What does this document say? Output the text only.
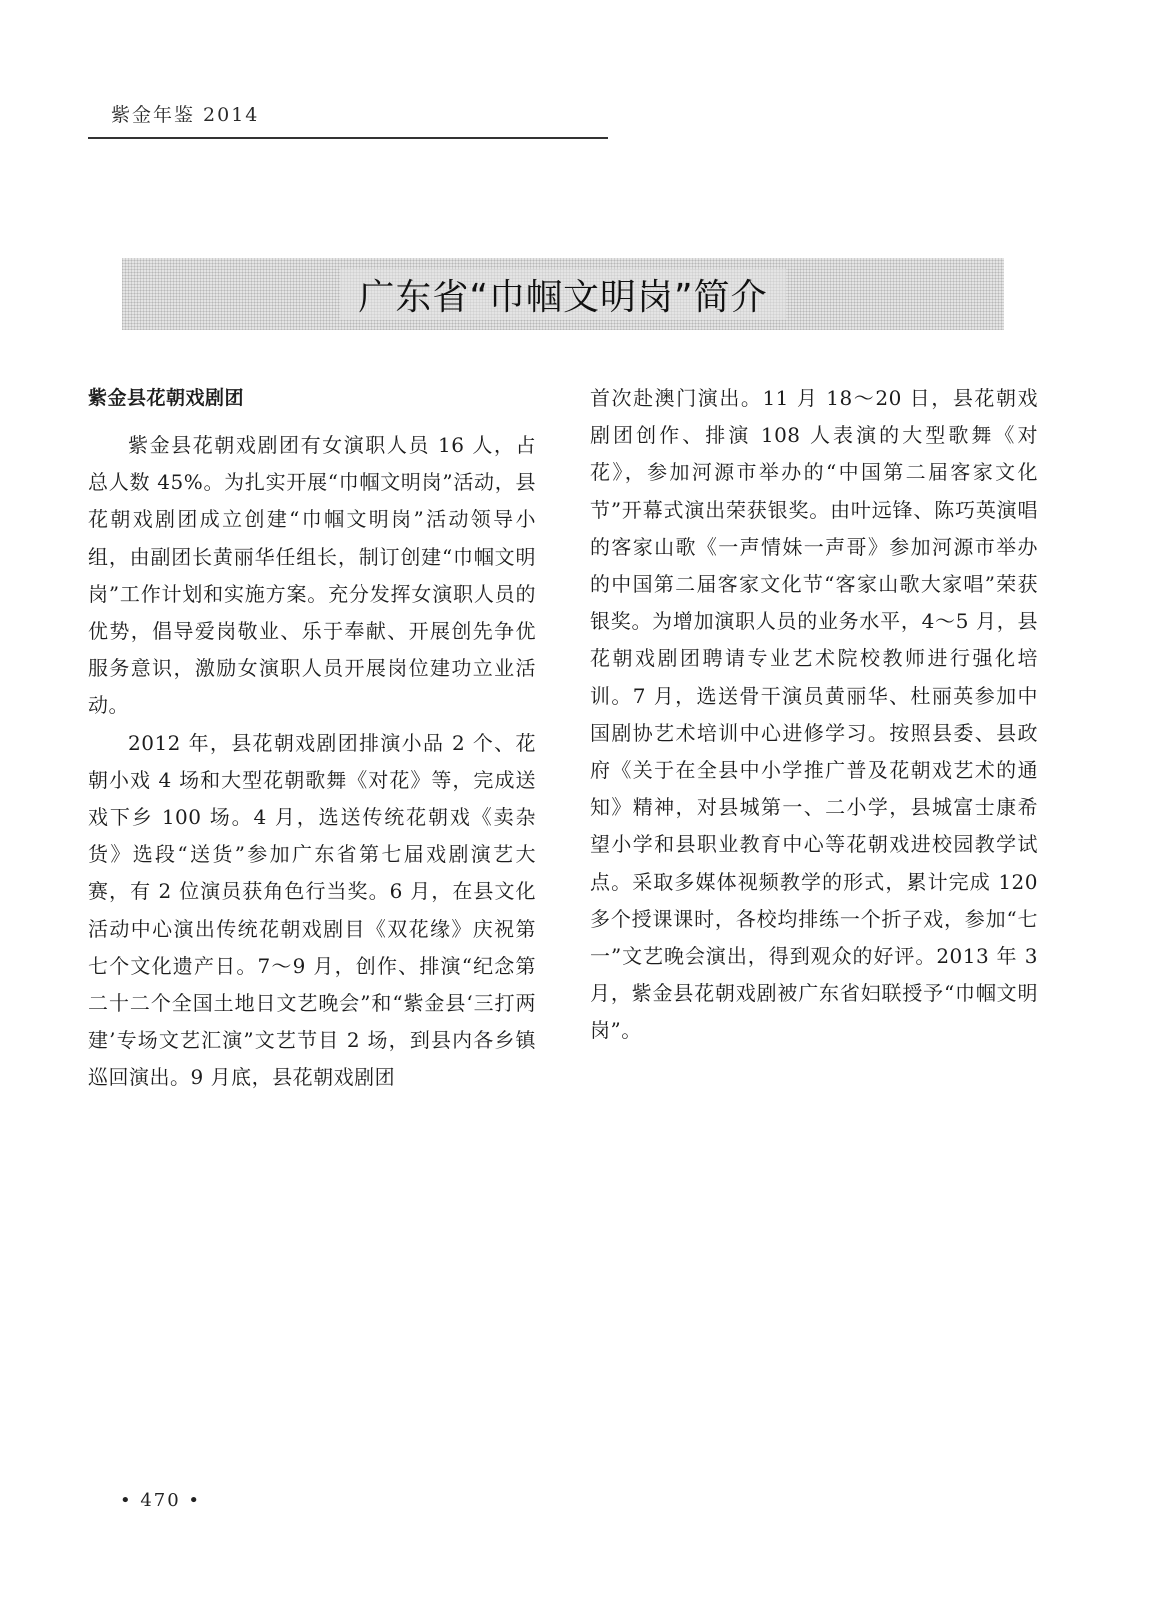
紫金年鉴 2014
广东省“巾帼文明岗”简介
紫金县花朝戏剧团

紫金县花朝戏剧团有女演职人员 16 人，占总人数 45%。为扎实开展“巾帼文明岗”活动，县花朝戏剧团成立创建“巾帼文明岗”活动领导小组，由副团长黄丽华任组长，制订创建“巾帼文明岗”工作计划和实施方案。充分发挥女演职人员的优势，倡导爱岗敬业、乐于奉献、开展创先争优服务意识，激励女演职人员开展岗位建功立业活动。

2012 年，县花朝戏剧团排演小品 2 个、花朝小戏 4 场和大型花朝歌舞《对花》等，完成送戏下乡 100 场。4 月，选送传统花朝戏《卖杂货》选段“送货”参加广东省第七届戏剧演艺大赛，有 2 位演员获角色行当奖。6 月，在县文化活动中心演出传统花朝戏剧目《双花缘》庆祝第七个文化遗产日。7～9 月，创作、排演“纪念第二十二个全国土地日文艺晚会”和“紫金县‘三打两建’专场文艺汇演”文艺节目 2 场，到县内各乡镇巡回演出。9 月底，县花朝戏剧团

首次赴澳门演出。11 月 18～20 日，县花朝戏剧团创作、排演 108 人表演的大型歌舞《对花》，参加河源市举办的“中国第二届客家文化节”开幕式演出荣获银奖。由叶远锋、陈巧英演唱的客家山歌《一声情妹一声哥》参加河源市举办的中国第二届客家文化节“客家山歌大家唱”荣获银奖。为增加演职人员的业务水平，4～5 月，县花朝戏剧团聘请专业艺术院校教师进行强化培训。7 月，选送骨干演员黄丽华、杜丽英参加中国剧协艺术培训中心进修学习。按照县委、县政府《关于在全县中小学推广普及花朝戏艺术的通知》精神，对县城第一、二小学，县城富士康希望小学和县职业教育中心等花朝戏进校园教学试点。采取多媒体视频教学的形式，累计完成 120 多个授课课时，各校均排练一个折子戏，参加“七一”文艺晚会演出，得到观众的好评。2013 年 3 月，紫金县花朝戏剧被广东省妇联授予“巾帼文明岗”。

• 470 •
